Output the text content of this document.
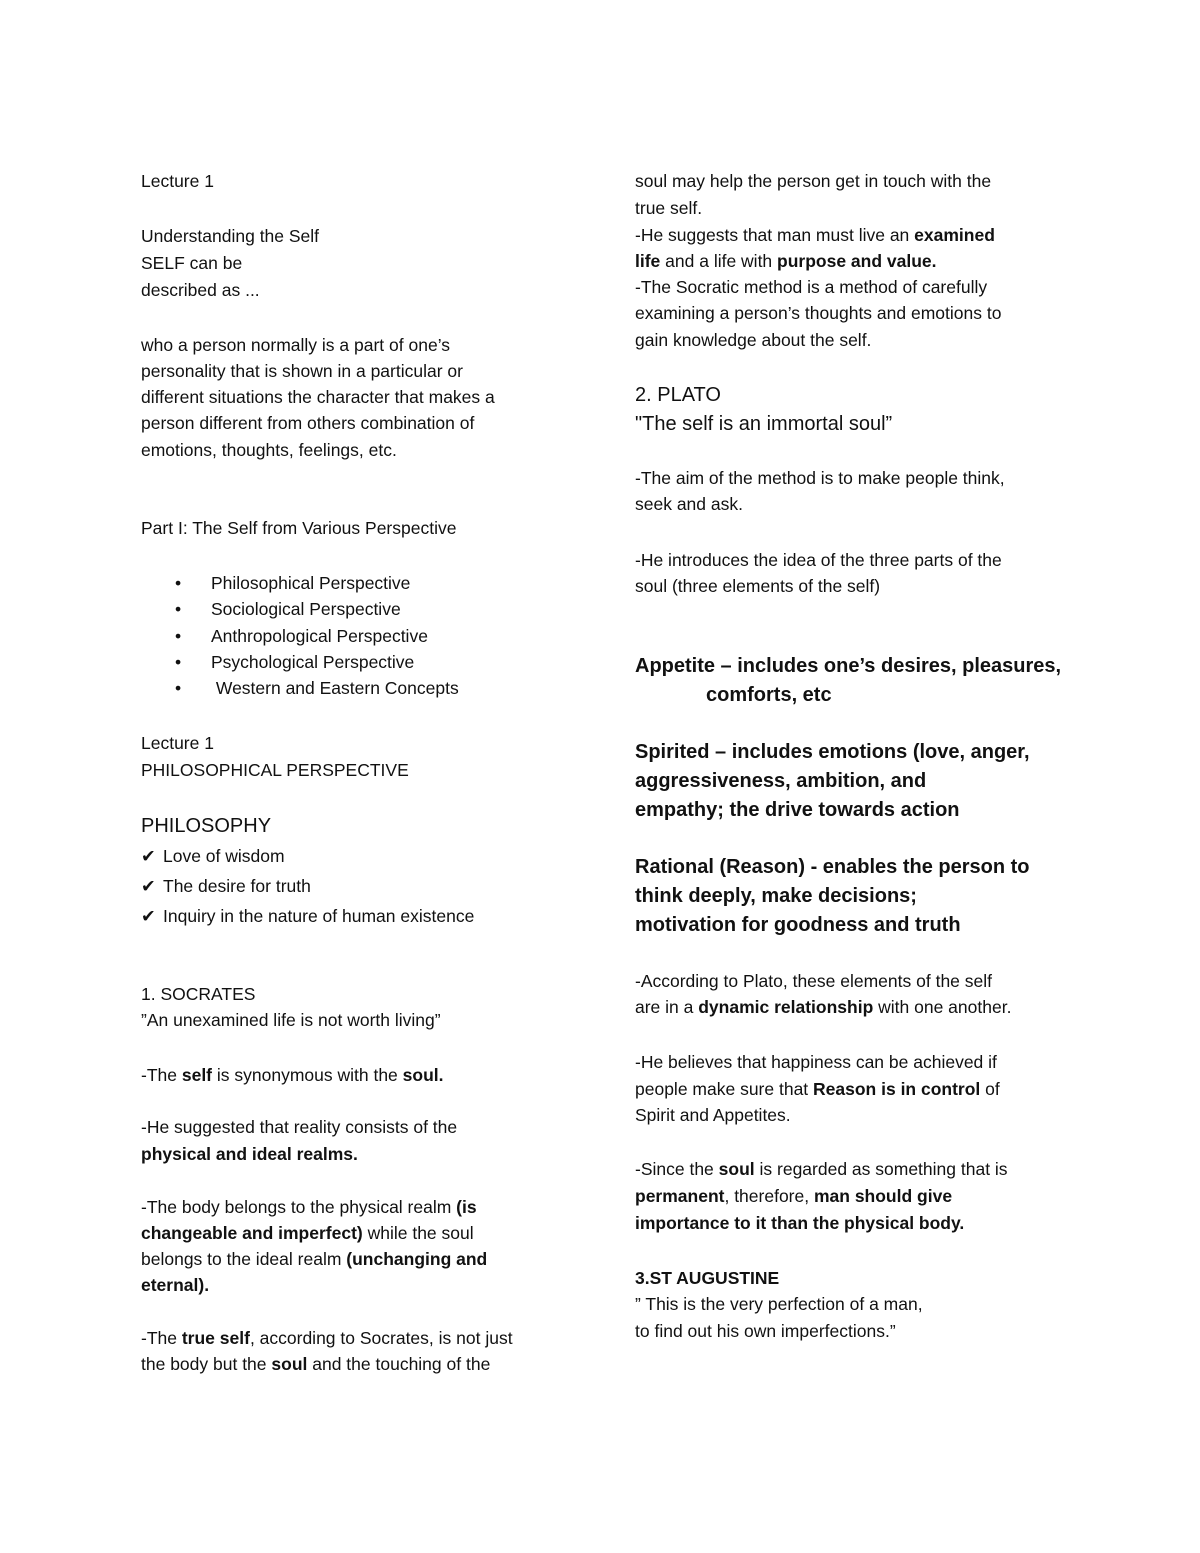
Lecture 1
Understanding the Self
SELF can be
described as ...
who a person normally is a part of one’s
personality that is shown in a particular or
different situations the character that makes a
person different from others combination of
emotions, thoughts, feelings, etc.
Part I: The Self from Various Perspective
• Philosophical Perspective
• Sociological Perspective
• Anthropological Perspective
• Psychological Perspective
• Western and Eastern Concepts
Lecture 1
PHILOSOPHICAL PERSPECTIVE
PHILOSOPHY
✔ Love of wisdom
✔ The desire for truth
✔ Inquiry in the nature of human existence
1. SOCRATES
”An unexamined life is not worth living”
-The self is synonymous with the soul.
-He suggested that reality consists of the
physical and ideal realms.
-The body belongs to the physical realm (is
changeable and imperfect) while the soul
belongs to the ideal realm (unchanging and
eternal).
-The true self, according to Socrates, is not just
the body but the soul and the touching of the
soul may help the person get in touch with the
true self.
-He suggests that man must live an examined
life and a life with purpose and value.
-The Socratic method is a method of carefully
examining a person’s thoughts and emotions to
gain knowledge about the self.
2. PLATO
"The self is an immortal soul”
-The aim of the method is to make people think,
seek and ask.
-He introduces the idea of the three parts of the
soul (three elements of the self)
Appetite – includes one’s desires, pleasures,
comforts, etc
Spirited – includes emotions (love, anger,
aggressiveness, ambition, and
empathy; the drive towards action
Rational (Reason) - enables the person to
think deeply, make decisions;
motivation for goodness and truth
-According to Plato, these elements of the self
are in a dynamic relationship with one another.
-He believes that happiness can be achieved if
people make sure that Reason is in control of
Spirit and Appetites.
-Since the soul is regarded as something that is
permanent, therefore, man should give
importance to it than the physical body.
3.ST AUGUSTINE
” This is the very perfection of a man,
to find out his own imperfections.”
